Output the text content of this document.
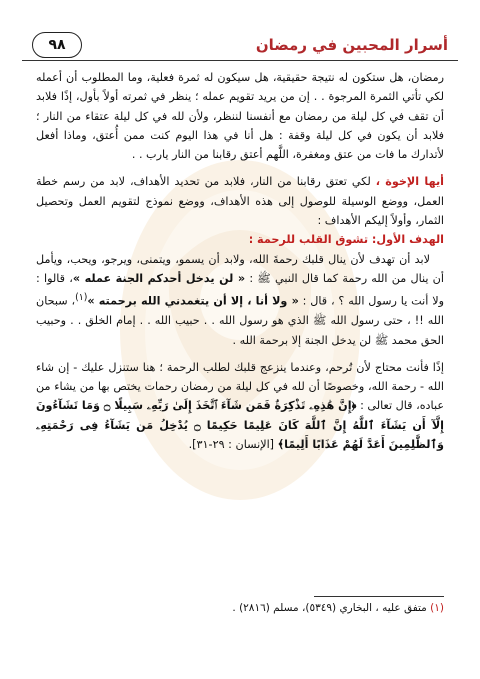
أسرار المحبين في رمضان
٩٨

رمضان، هل ستكون له نتيجة حقيقية، هل سيكون له ثمرة فعلية، وما المطلوب أن أعمله لكي تأتي الثمرة المرجوة . . إن من يريد تقويم عمله ؛ ينظر في ثمرته أولاً بأول، إذًا فلابد أن تقف في كل ليلة من رمضان مع أنفسنا لننظر، ولأن لله في كل ليلة عتقاء من النار ؛ فلابد أن يكون في كل ليلة وقفة : هل أنا في هذا اليوم كنت ممن أُعتق، وماذا أفعل لأتدارك ما فات من عتق ومغفرة، اللَّهم أعتق رقابنا من النار يارب . .

أيها الإخوة ، لكي تعتق رقابنا من النار، فلابد من تحديد الأهداف، لابد من رسم خطة العمل، ووضع الوسيلة للوصول إلى هذه الأهداف، ووضع نموذج لتقويم العمل وتحصيل الثمار، وأولاً إليكم الأهداف :

الهدف الأول: تشوق القلب للرحمة :

لابد أن تهدف لأن ينال قلبك رحمةَ الله، ولابد أن يسمو، ويتمنى، ويرجو، ويحب، ويأمل أن ينال من الله رحمة كما قال النبي ﷺ : « لن يدخل أحدكم الجنة عمله »، قالوا : ولا أنت يا رسول الله ؟ ، قال : « ولا أنا ، إلا أن يتغمدني الله برحمته »$^{(١)}$، سبحان الله !! ، حتى رسول الله ﷺ الذي هو رسول الله . . حبيب الله . . إمام الخلق . . وحبيب الحق محمد ﷺ لن يدخل الجنة إلا برحمة الله .

إذًا فأنت محتاج لأن تُرحم، وعندما ينزعج قلبك لطلب الرحمة ؛ هنا ستنزل عليك - إن شاء الله - رحمة الله، وخصوصًا أن لله في كل ليلة من رمضان رحمات يختص بها من يشاء من عباده، قال تعالى : ﴿إِنَّ هَٰذِهِۦ تَذْكِرَةٌ فَمَن شَآءَ ٱتَّخَذَ إِلَىٰ رَبِّهِۦ سَبِيلًا ۝ وَمَا تَشَآءُونَ إِلَّآ أَن يَشَآءَ ٱللَّهُ إِنَّ ٱللَّهَ كَانَ عَلِيمًا حَكِيمًا ۝ يُدْخِلُ مَن يَشَآءُ فِى رَحْمَتِهِۦ وَٱلظَّٰلِمِينَ أَعَدَّ لَهُمْ عَذَابًا أَلِيمًا﴾ [الإنسان : ٢٩-٣١].

(١) متفق عليه ، البخاري (٥٣٤٩)، مسلم (٢٨١٦) .
